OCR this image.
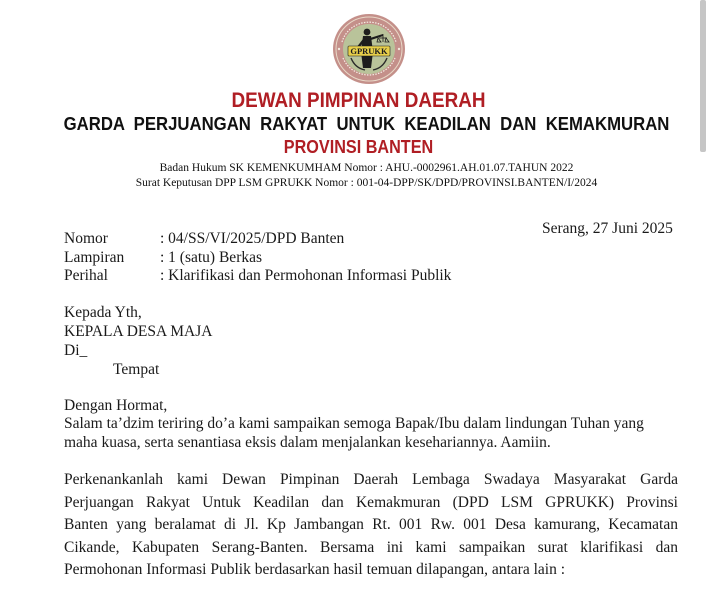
GPRUKK
DEWAN PIMPINAN DAERAH
GARDA PERJUANGAN RAKYAT UNTUK KEADILAN DAN KEMAKMURAN
PROVINSI BANTEN
Badan Hukum SK KEMENKUMHAM Nomor : AHU.-0002961.AH.01.07.TAHUN 2022
Surat Keputusan DPP LSM GPRUKK Nomor : 001-04-DPP/SK/DPD/PROVINSI.BANTEN/I/2024
Serang, 27 Juni 2025
Nomor	: 04/SS/VI/2025/DPD Banten
Lampiran : 1 (satu) Berkas
Perihal	: Klarifikasi dan Permohonan Informasi Publik
Kepada Yth,
KEPALA DESA MAJA
Di_
Tempat
Dengan Hormat,
Salam ta’dzim teriring do’a kami sampaikan semoga Bapak/Ibu dalam lindungan Tuhan yang
maha kuasa, serta senantiasa eksis dalam menjalankan kesehariannya. Aamiin.
Perkenankanlah kami Dewan Pimpinan Daerah Lembaga Swadaya Masyarakat Garda
Perjuangan Rakyat Untuk Keadilan dan Kemakmuran (DPD LSM GPRUKK) Provinsi
Banten yang beralamat di Jl. Kp Jambangan Rt. 001 Rw. 001 Desa kamurang, Kecamatan
Cikande, Kabupaten Serang-Banten. Bersama ini kami sampaikan surat klarifikasi dan
Permohonan Informasi Publik berdasarkan hasil temuan dilapangan, antara lain :
